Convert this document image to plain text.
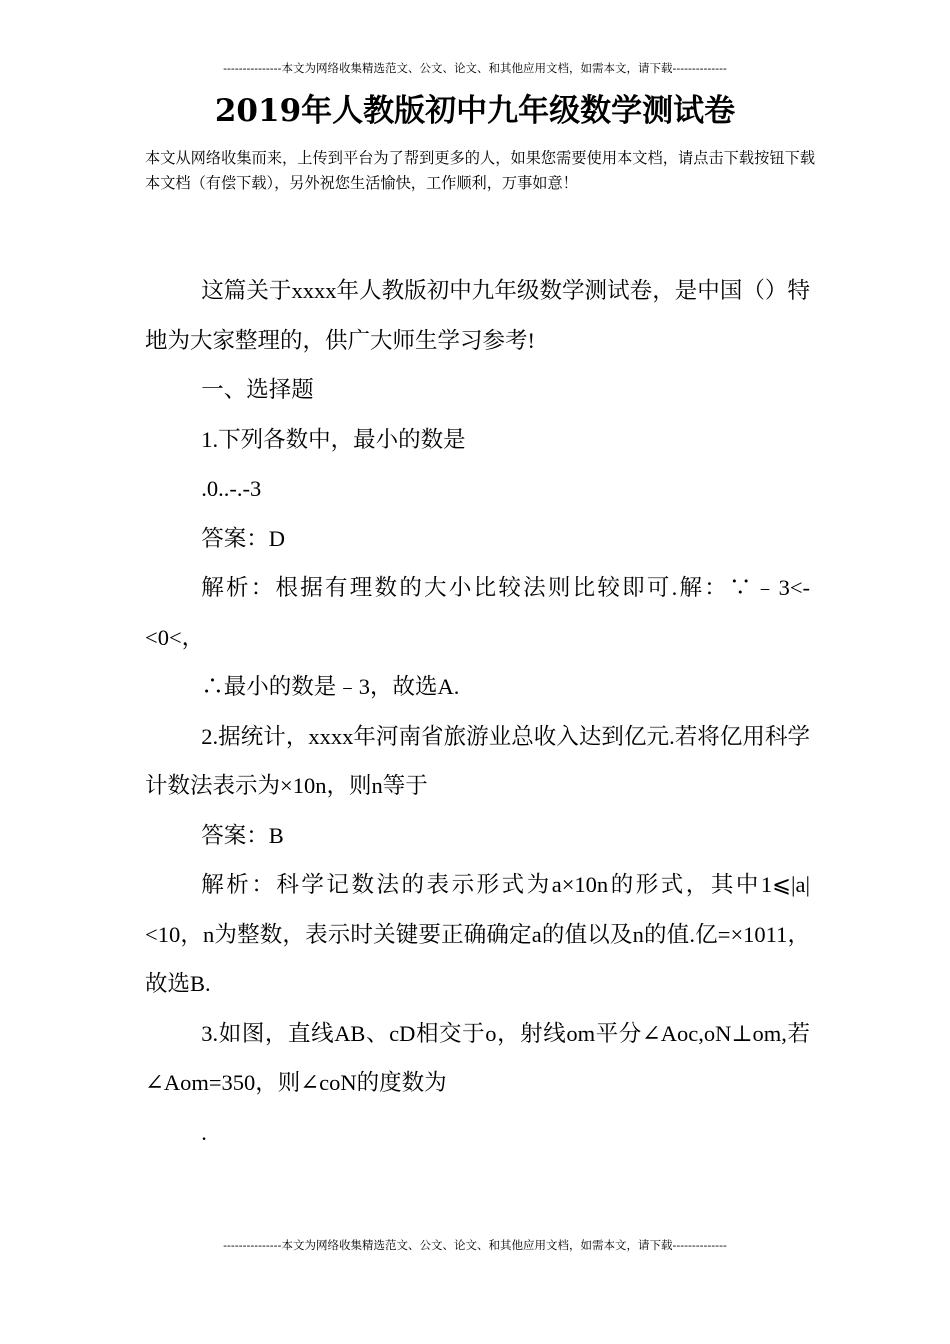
---------------本文为网络收集精选范文、公文、论文、和其他应用文档，如需本文，请下载--------------
2019年人教版初中九年级数学测试卷
本文从网络收集而来，上传到平台为了帮到更多的人，如果您需要使用本文档，请点击下载按钮下载本文档（有偿下载），另外祝您生活愉快，工作顺利，万事如意！

这篇关于xxxx年人教版初中九年级数学测试卷，是中国（）特地为大家整理的，供广大师生学习参考!

一、选择题

1.下列各数中，最小的数是

.0..-.-3

答案：D

解析：根据有理数的大小比较法则比较即可.解：∵﹣3<-<0<，

∴最小的数是﹣3，故选A.

2.据统计，xxxx年河南省旅游业总收入达到亿元.若将亿用科学计数法表示为×10n，则n等于

答案：B

解析：科学记数法的表示形式为a×10n的形式，其中1⩽|a|<10，n为整数，表示时关键要正确确定a的值以及n的值.亿=×1011，故选B.

3.如图，直线AB、cD相交于o，射线om平分∠Aoc,oN⊥om,若∠Aom=350，则∠coN的度数为

.

---------------本文为网络收集精选范文、公文、论文、和其他应用文档，如需本文，请下载--------------
